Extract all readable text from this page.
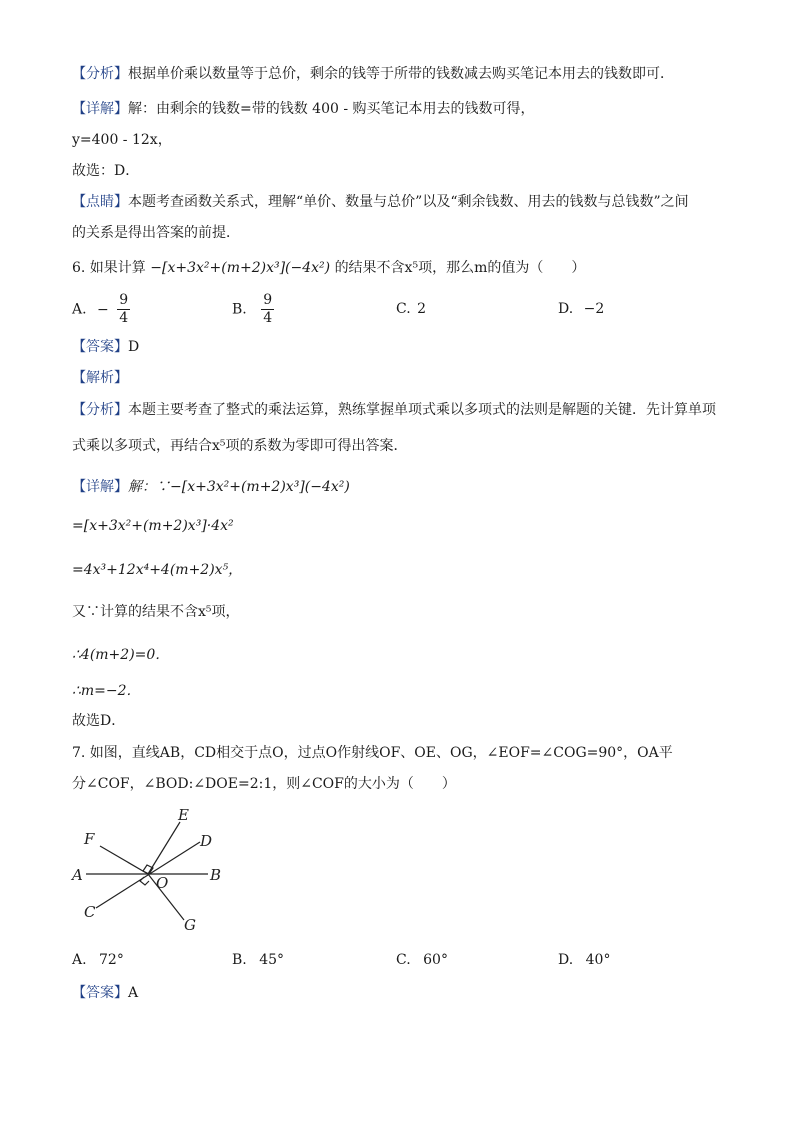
【分析】根据单价乘以数量等于总价，剩余的钱等于所带的钱数减去购买笔记本用去的钱数即可．
【详解】解：由剩余的钱数=带的钱数 400 - 购买笔记本用去的钱数可得，
y=400 - 12x，
故选：D．
【点睛】本题考查函数关系式，理解“单价、数量与总价”以及“剩余钱数、用去的钱数与总钱数”之间
的关系是得出答案的前提．
6. 如果计算 −[x+3x²+(m+2)x³](−4x²) 的结果不含x⁵项，那么m的值为（　　）
A. − $\frac{9}{4}$	B. $\frac{9}{4}$	C. 2	D. −2
【答案】D
【解析】
【分析】本题主要考查了整式的乘法运算，熟练掌握单项式乘以多项式的法则是解题的关键．先计算单项
式乘以多项式，再结合x⁵项的系数为零即可得出答案．
【详解】解：∵−[x+3x²+(m+2)x³](−4x²)
=[x+3x²+(m+2)x³]·4x²
=4x³+12x⁴+4(m+2)x⁵，
又∵计算的结果不含x⁵项，
∴4(m+2)=0．
∴m=−2．
故选D．
7. 如图，直线AB，CD相交于点O，过点O作射线OF、OE、OG，∠EOF=∠COG=90°，OA平
分∠COF，∠BOD:∠DOE=2:1，则∠COF的大小为（　　）
F
E
D
A	O	B
C
G
A. 72°	B. 45°	C. 60°	D. 40°
【答案】A
